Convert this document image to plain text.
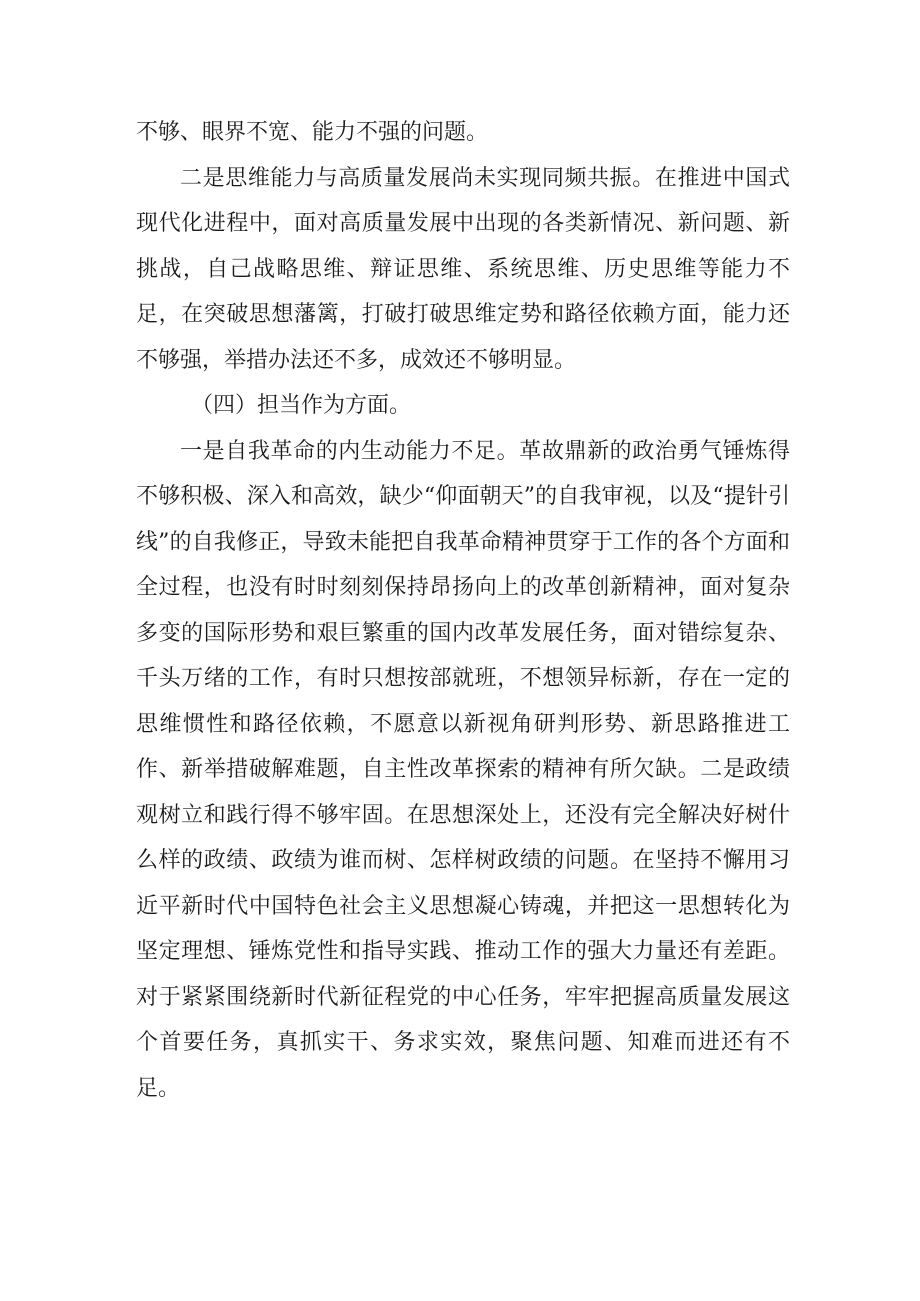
不够、眼界不宽、能力不强的问题。

二是思维能力与高质量发展尚未实现同频共振。在推进中国式现代化进程中，面对高质量发展中出现的各类新情况、新问题、新挑战，自己战略思维、辩证思维、系统思维、历史思维等能力不足，在突破思想藩篱，打破打破思维定势和路径依赖方面，能力还不够强，举措办法还不多，成效还不够明显。

（四）担当作为方面。

一是自我革命的内生动能力不足。革故鼎新的政治勇气锤炼得不够积极、深入和高效，缺少“仰面朝天”的自我审视，以及“提针引线”的自我修正，导致未能把自我革命精神贯穿于工作的各个方面和全过程，也没有时时刻刻保持昂扬向上的改革创新精神，面对复杂多变的国际形势和艰巨繁重的国内改革发展任务，面对错综复杂、千头万绪的工作，有时只想按部就班，不想领异标新，存在一定的思维惯性和路径依赖，不愿意以新视角研判形势、新思路推进工作、新举措破解难题，自主性改革探索的精神有所欠缺。二是政绩观树立和践行得不够牢固。在思想深处上，还没有完全解决好树什么样的政绩、政绩为谁而树、怎样树政绩的问题。在坚持不懈用习近平新时代中国特色社会主义思想凝心铸魂，并把这一思想转化为坚定理想、锤炼党性和指导实践、推动工作的强大力量还有差距。对于紧紧围绕新时代新征程党的中心任务，牢牢把握高质量发展这个首要任务，真抓实干、务求实效，聚焦问题、知难而进还有不足。
